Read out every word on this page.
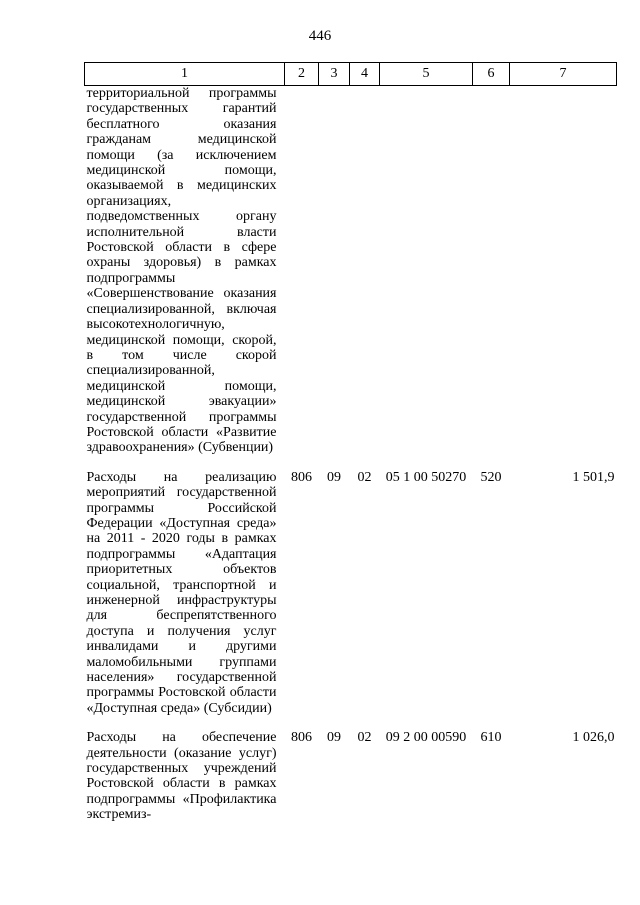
446
1	2	3	4	5	6	7
территориальной программы государственных гарантий бесплатного оказания гражданам медицинской помощи (за исключением медицинской помощи, оказываемой в медицинских организациях, подведомственных органу исполнительной власти Ростовской области в сфере охраны здоровья) в рамках подпрограммы «Совершенствование оказания специализированной, включая высокотехнологичную, медицинской помощи, скорой, в том числе скорой специализированной, медицинской помощи, медицинской эвакуации» государственной программы Ростовской области «Развитие здравоохранения» (Субвенции)						

Расходы на реализацию мероприятий государственной программы Российской Федерации «Доступная среда» на 2011 - 2020 годы в рамках подпрограммы «Адаптация приоритетных объектов социальной, транспортной и инженерной инфраструктуры для беспрепятственного доступа и получения услуг инвалидами и другими маломобильными группами населения» государственной программы Ростовской области «Доступная среда» (Субсидии)	806	09	02	05 1 00 50270	520	1 501,9

Расходы на обеспечение деятельности (оказание услуг) государственных учреждений Ростовской области в рамках подпрограммы «Профилактика экстремиз-	806	09	02	09 2 00 00590	610	1 026,0
